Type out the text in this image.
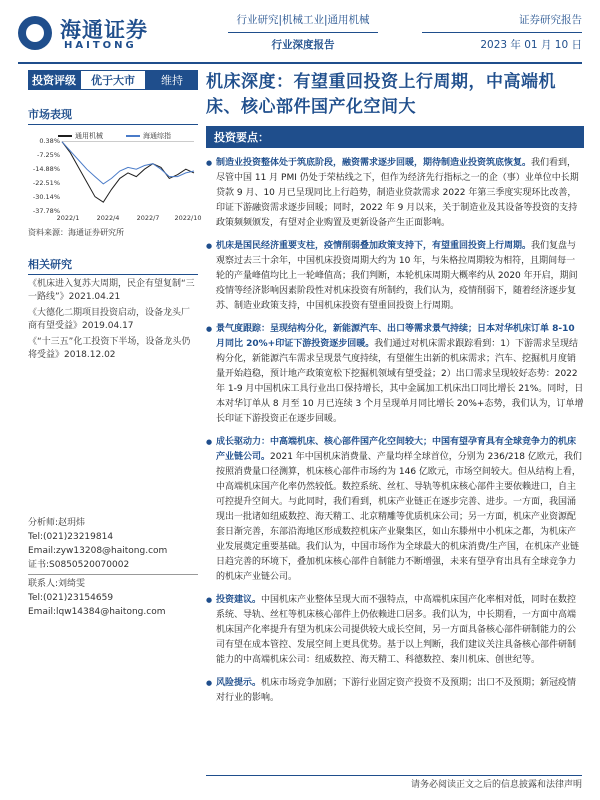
海通证券
HAITONG
行业研究|机械工业|通用机械
行业深度报告
证券研究报告
2023 年 01 月 10 日
投资评级	优于大市	维持
市场表现
通用机械	海通综指
0.38%
-7.25%
-14.88%
-22.51%
-30.14%
-37.78%
2022/1	2022/4	2022/7 2022/10
资料来源：海通证券研究所
相关研究
《机床进入复苏大周期，民企有望复制“三一路线”》2021.04.21
《大德化二期项目投资启动，设备龙头厂商有望受益》2019.04.17
《“十三五”化工投资下半场，设备龙头仍将受益》2018.12.02
分析师:赵玥炜
Tel:(021)23219814
Email:zyw13208@haitong.com
证书:S0850520070002
联系人:刘绮雯
Tel:(021)23154659
Email:lqw14384@haitong.com
机床深度：有望重回投资上行周期，中高端机床、核心部件国产化空间大
投资要点：
● 制造业投资整体处于筑底阶段，融资需求逐步回暖，期待制造业投资筑底恢复。我们看到，尽管中国 11 月 PMI 仍处于荣枯线之下，但作为经济先行指标之一的企（事）业单位中长期贷款 9 月、10 月已呈现同比上行趋势，制造业贷款需求 2022 年第三季度实现环比改善，印证下游融资需求逐步回暖；同时，2022 年 9 月以来，关于制造业及其设备等投资的支持政策频频颁发，有望对企业购置及更新设备产生正面影响。
● 机床是国民经济重要支柱，疫情削弱叠加政策支持下，有望重回投资上行周期。我们复盘与观察过去三十余年，中国机床投资周期大约为 10 年，与朱格拉周期较为相符，且期间每一轮的产量峰值均比上一轮峰值高；我们判断，本轮机床周期大概率约从 2020 年开启，期间疫情等经济影响因素阶段性对机床投资有所制约，我们认为，疫情削弱下，随着经济逐步复苏、制造业政策支持，中国机床投资有望重回投资上行周期。
● 景气度跟踪：呈现结构分化，新能源汽车、出口等需求景气持续；日本对华机床订单 8-10 月同比 20%+印证下游投资逐步回暖。我们通过对机床需求跟踪看到：1）下游需求呈现结构分化，新能源汽车需求呈现景气度持续，有望催生出新的机床需求；汽车、挖掘机月度销量开始趋稳，预计地产政策宽松下挖掘机领域有望受益；2）出口需求呈现较好态势：2022 年 1-9 月中国机床工具行业出口保持增长，其中金属加工机床出口同比增长 21%。同时，日本对华订单从 8 月至 10 月已连续 3 个月呈现单月同比增长 20%+态势，我们认为，订单增长印证下游投资正在逐步回暖。
● 成长驱动力：中高端机床、核心部件国产化空间较大；中国有望孕育具有全球竞争力的机床产业链公司。2021 年中国机床消费量、产量均样全球首位，分别为 236/218 亿欧元，我们按照消费量口径测算，机床核心部件市场约为 146 亿欧元，市场空间较大。但从结构上看，中高端机床国产化率仍然较低。数控系统、丝杠、导轨等机床核心部件主要依赖进口，自主可控提升空间大。与此同时，我们看到，机床产业链正在逐步完善、进步。一方面，我国涌现出一批诸如纽威数控、海天精工、北京精雕等优质机床公司；另一方面，机床产业资源配套日渐完善，东部沿海地区形成数控机床产业聚集区，如山东滕州中小机床之都，为机床产业发展奠定重要基础。我们认为，中国市场作为全球最大的机床消费/生产国，在机床产业链日趋完善的环境下，叠加机床核心部件自制能力不断增强，未来有望孕育出具有全球竞争力的机床产业链公司。
● 投资建议。中国机床产业整体呈现大而不强特点，中高端机床国产化率相对低，同时在数控系统、导轨、丝杠等机床核心部件上仍依赖进口居多。我们认为，中长期看，一方面中高端机床国产化率提升有望为机床公司提供较大成长空间，另一方面具备核心部件研制能力的公司有望在成本管控、发展空间上更具优势。基于以上判断，我们建议关注具备核心部件研制能力的中高端机床公司：纽威数控、海天精工、科德数控、秦川机床、创世纪等。
● 风险提示。机床市场竞争加剧；下游行业固定资产投资不及预期；出口不及预期；新冠疫情对行业的影响。
请务必阅读正文之后的信息披露和法律声明
